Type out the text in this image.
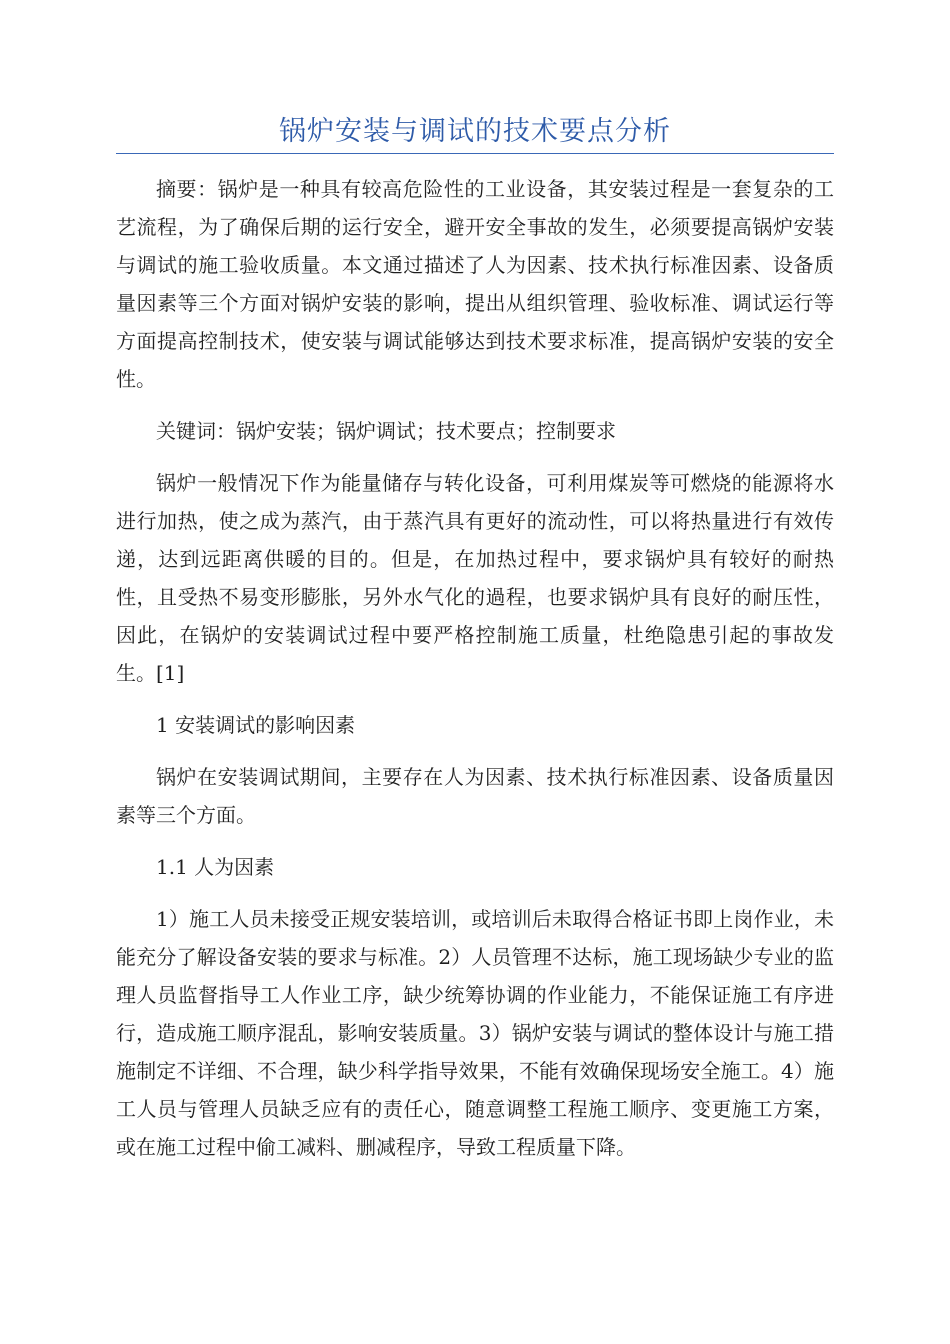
锅炉安装与调试的技术要点分析

摘要：锅炉是一种具有较高危险性的工业设备，其安装过程是一套复杂的工艺流程，为了确保后期的运行安全，避开安全事故的发生，必须要提高锅炉安装与调试的施工验收质量。本文通过描述了人为因素、技术执行标准因素、设备质量因素等三个方面对锅炉安装的影响，提出从组织管理、验收标准、调试运行等方面提高控制技术，使安装与调试能够达到技术要求标准，提高锅炉安装的安全性。

关键词：锅炉安装；锅炉调试；技术要点；控制要求

锅炉一般情况下作为能量储存与转化设备，可利用煤炭等可燃烧的能源将水进行加热，使之成为蒸汽，由于蒸汽具有更好的流动性，可以将热量进行有效传递，达到远距离供暖的目的。但是，在加热过程中，要求锅炉具有较好的耐热性，且受热不易变形膨胀，另外水气化的過程，也要求锅炉具有良好的耐压性，因此，在锅炉的安装调试过程中要严格控制施工质量，杜绝隐患引起的事故发生。[1]

1 安装调试的影响因素

锅炉在安装调试期间，主要存在人为因素、技术执行标准因素、设备质量因素等三个方面。

1.1 人为因素

1）施工人员未接受正规安装培训，或培训后未取得合格证书即上岗作业，未能充分了解设备安装的要求与标准。2）人员管理不达标，施工现场缺少专业的监理人员监督指导工人作业工序，缺少统筹协调的作业能力，不能保证施工有序进行，造成施工顺序混乱，影响安装质量。3）锅炉安装与调试的整体设计与施工措施制定不详细、不合理，缺少科学指导效果，不能有效确保现场安全施工。4）施工人员与管理人员缺乏应有的责任心，随意调整工程施工顺序、变更施工方案，或在施工过程中偷工减料、删减程序，导致工程质量下降。
